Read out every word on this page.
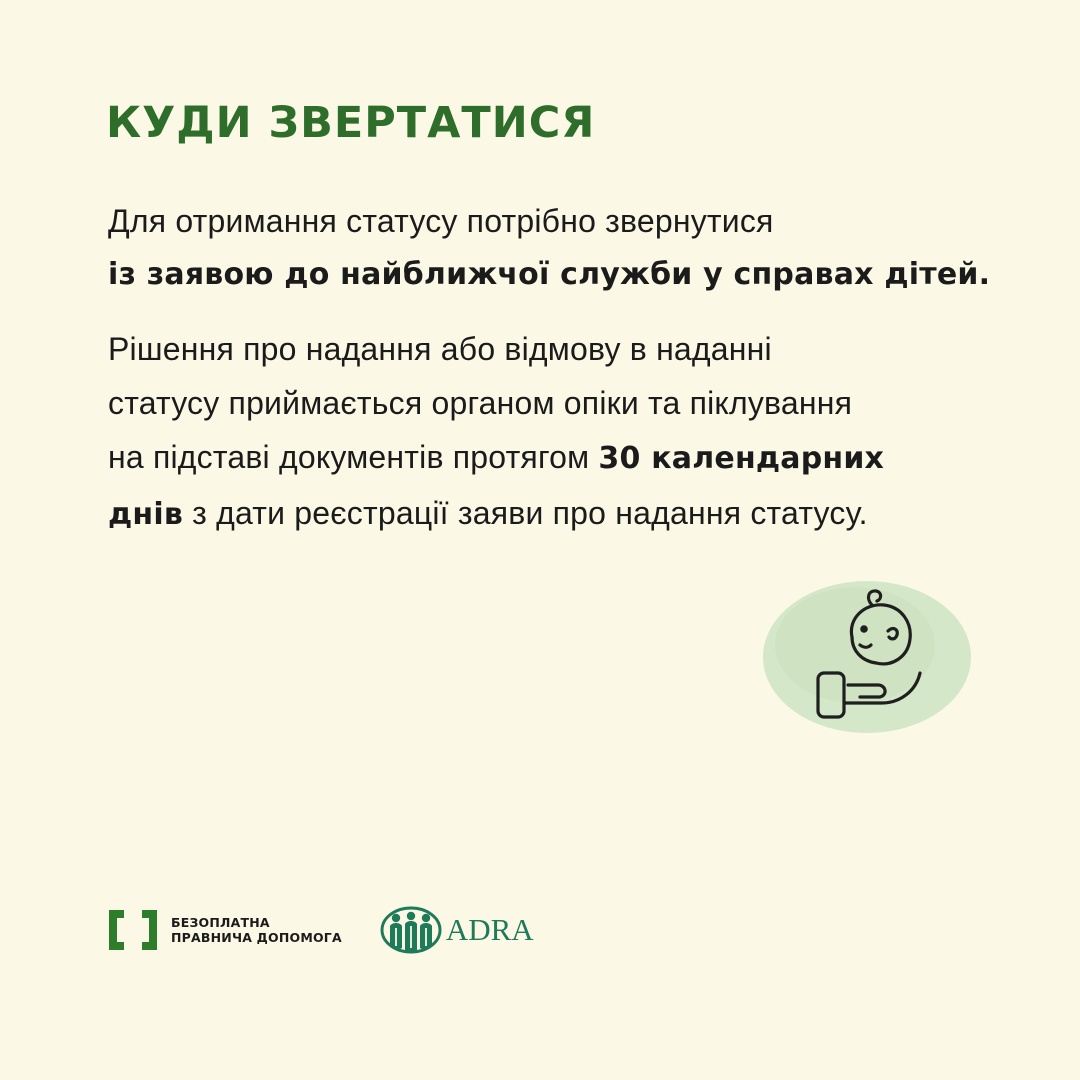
КУДИ ЗВЕРТАТИСЯ

Для отримання статусу потрібно звернутися
із заявою до найближчої служби у справах дітей.

Рішення про надання або відмову в наданні
статусу приймається органом опіки та піклування
на підставі документів протягом 30 календарних
днів з дати реєстрації заяви про надання статусу.

БЕЗОПЛАТНА
ПРАВНИЧА ДОПОМОГА	ADRA
